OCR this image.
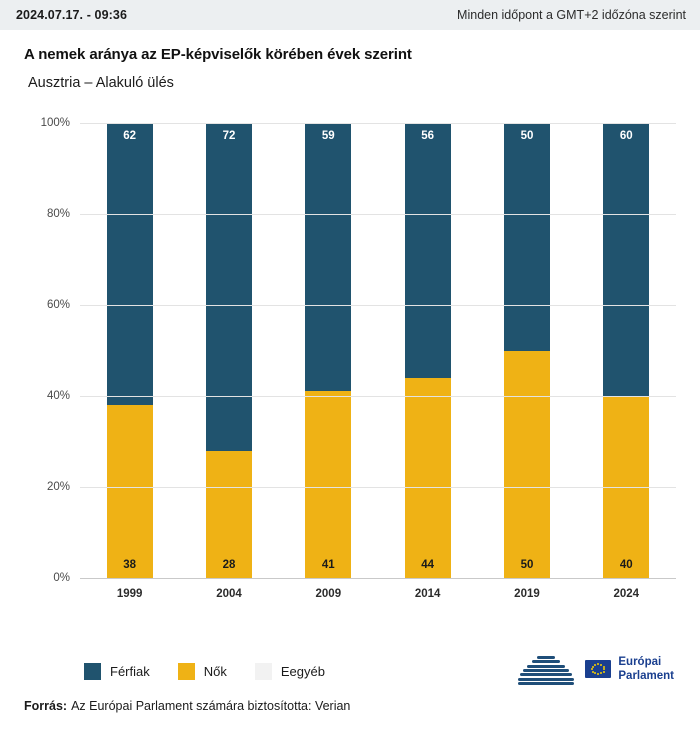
2024.07.17. - 09:36	Minden időpont a GMT+2 időzóna szerint
A nemek aránya az EP-képviselők körében évek szerint

Ausztria – Alakuló ülés

62
38
72
28
59
41
56
44
50
50
60
40
0%
20%
40%
60%
80%
100%
1999	2004	2009	2014	2019	2024
Férfiak	Nők	Eegyéb
Európai
Parlament
Forrás: Az Európai Parlament számára biztosította: Verian
